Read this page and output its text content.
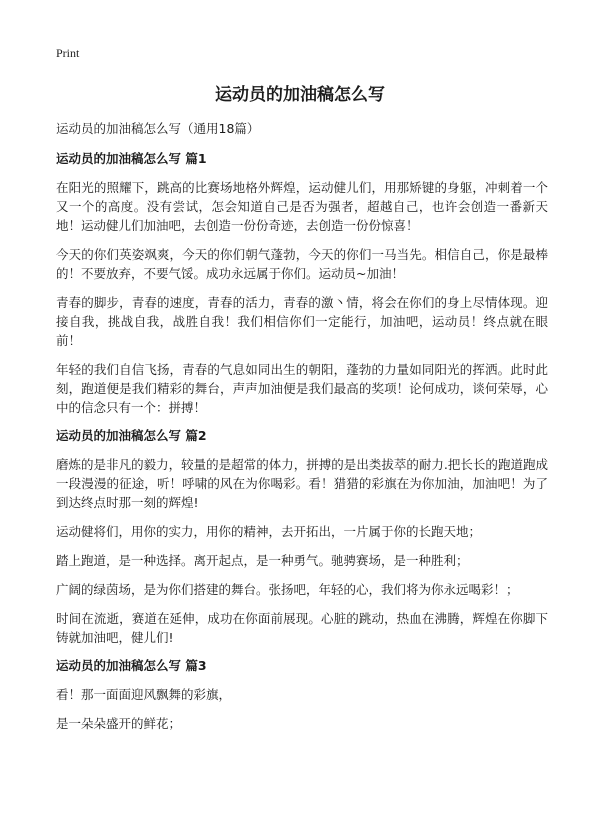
Print
运动员的加油稿怎么写

运动员的加油稿怎么写（通用18篇）

运动员的加油稿怎么写 篇1

在阳光的照耀下，跳高的比赛场地格外辉煌，运动健儿们，用那矫键的身躯，冲刺着一个又一个的高度。没有尝试，怎会知道自己是否为强者，超越自己，也许会创造一番新天地！运动健儿们加油吧，去创造一份份奇迹，去创造一份份惊喜！

今天的你们英姿飒爽，今天的你们朝气蓬勃，今天的你们一马当先。相信自己，你是最棒的！不要放弃，不要气馁。成功永远属于你们。运动员~加油！

青春的脚步，青春的速度，青春的活力，青春的激丶情，将会在你们的身上尽情体现。迎接自我，挑战自我，战胜自我！我们相信你们一定能行，加油吧，运动员！终点就在眼前！

年轻的我们自信飞扬，青春的气息如同出生的朝阳，蓬勃的力量如同阳光的挥洒。此时此刻，跑道便是我们精彩的舞台，声声加油便是我们最高的奖项！论何成功，谈何荣辱，心中的信念只有一个：拼搏！

运动员的加油稿怎么写 篇2

磨炼的是非凡的毅力，较量的是超常的体力，拼搏的是出类拔萃的耐力.把长长的跑道跑成一段漫漫的征途，听！呼啸的风在为你喝彩。看！猎猎的彩旗在为你加油，加油吧！为了到达终点时那一刻的辉煌!

运动健将们，用你的实力，用你的精神，去开拓出，一片属于你的长跑天地；

踏上跑道，是一种选择。离开起点，是一种勇气。驰骋赛场，是一种胜利；

广阔的绿茵场，是为你们搭建的舞台。张扬吧，年轻的心，我们将为你永远喝彩！；

时间在流逝，赛道在延伸，成功在你面前展现。心脏的跳动，热血在沸腾，辉煌在你脚下铸就加油吧，健儿们!

运动员的加油稿怎么写 篇3

看！那一面面迎风飘舞的彩旗，

是一朵朵盛开的鲜花；
